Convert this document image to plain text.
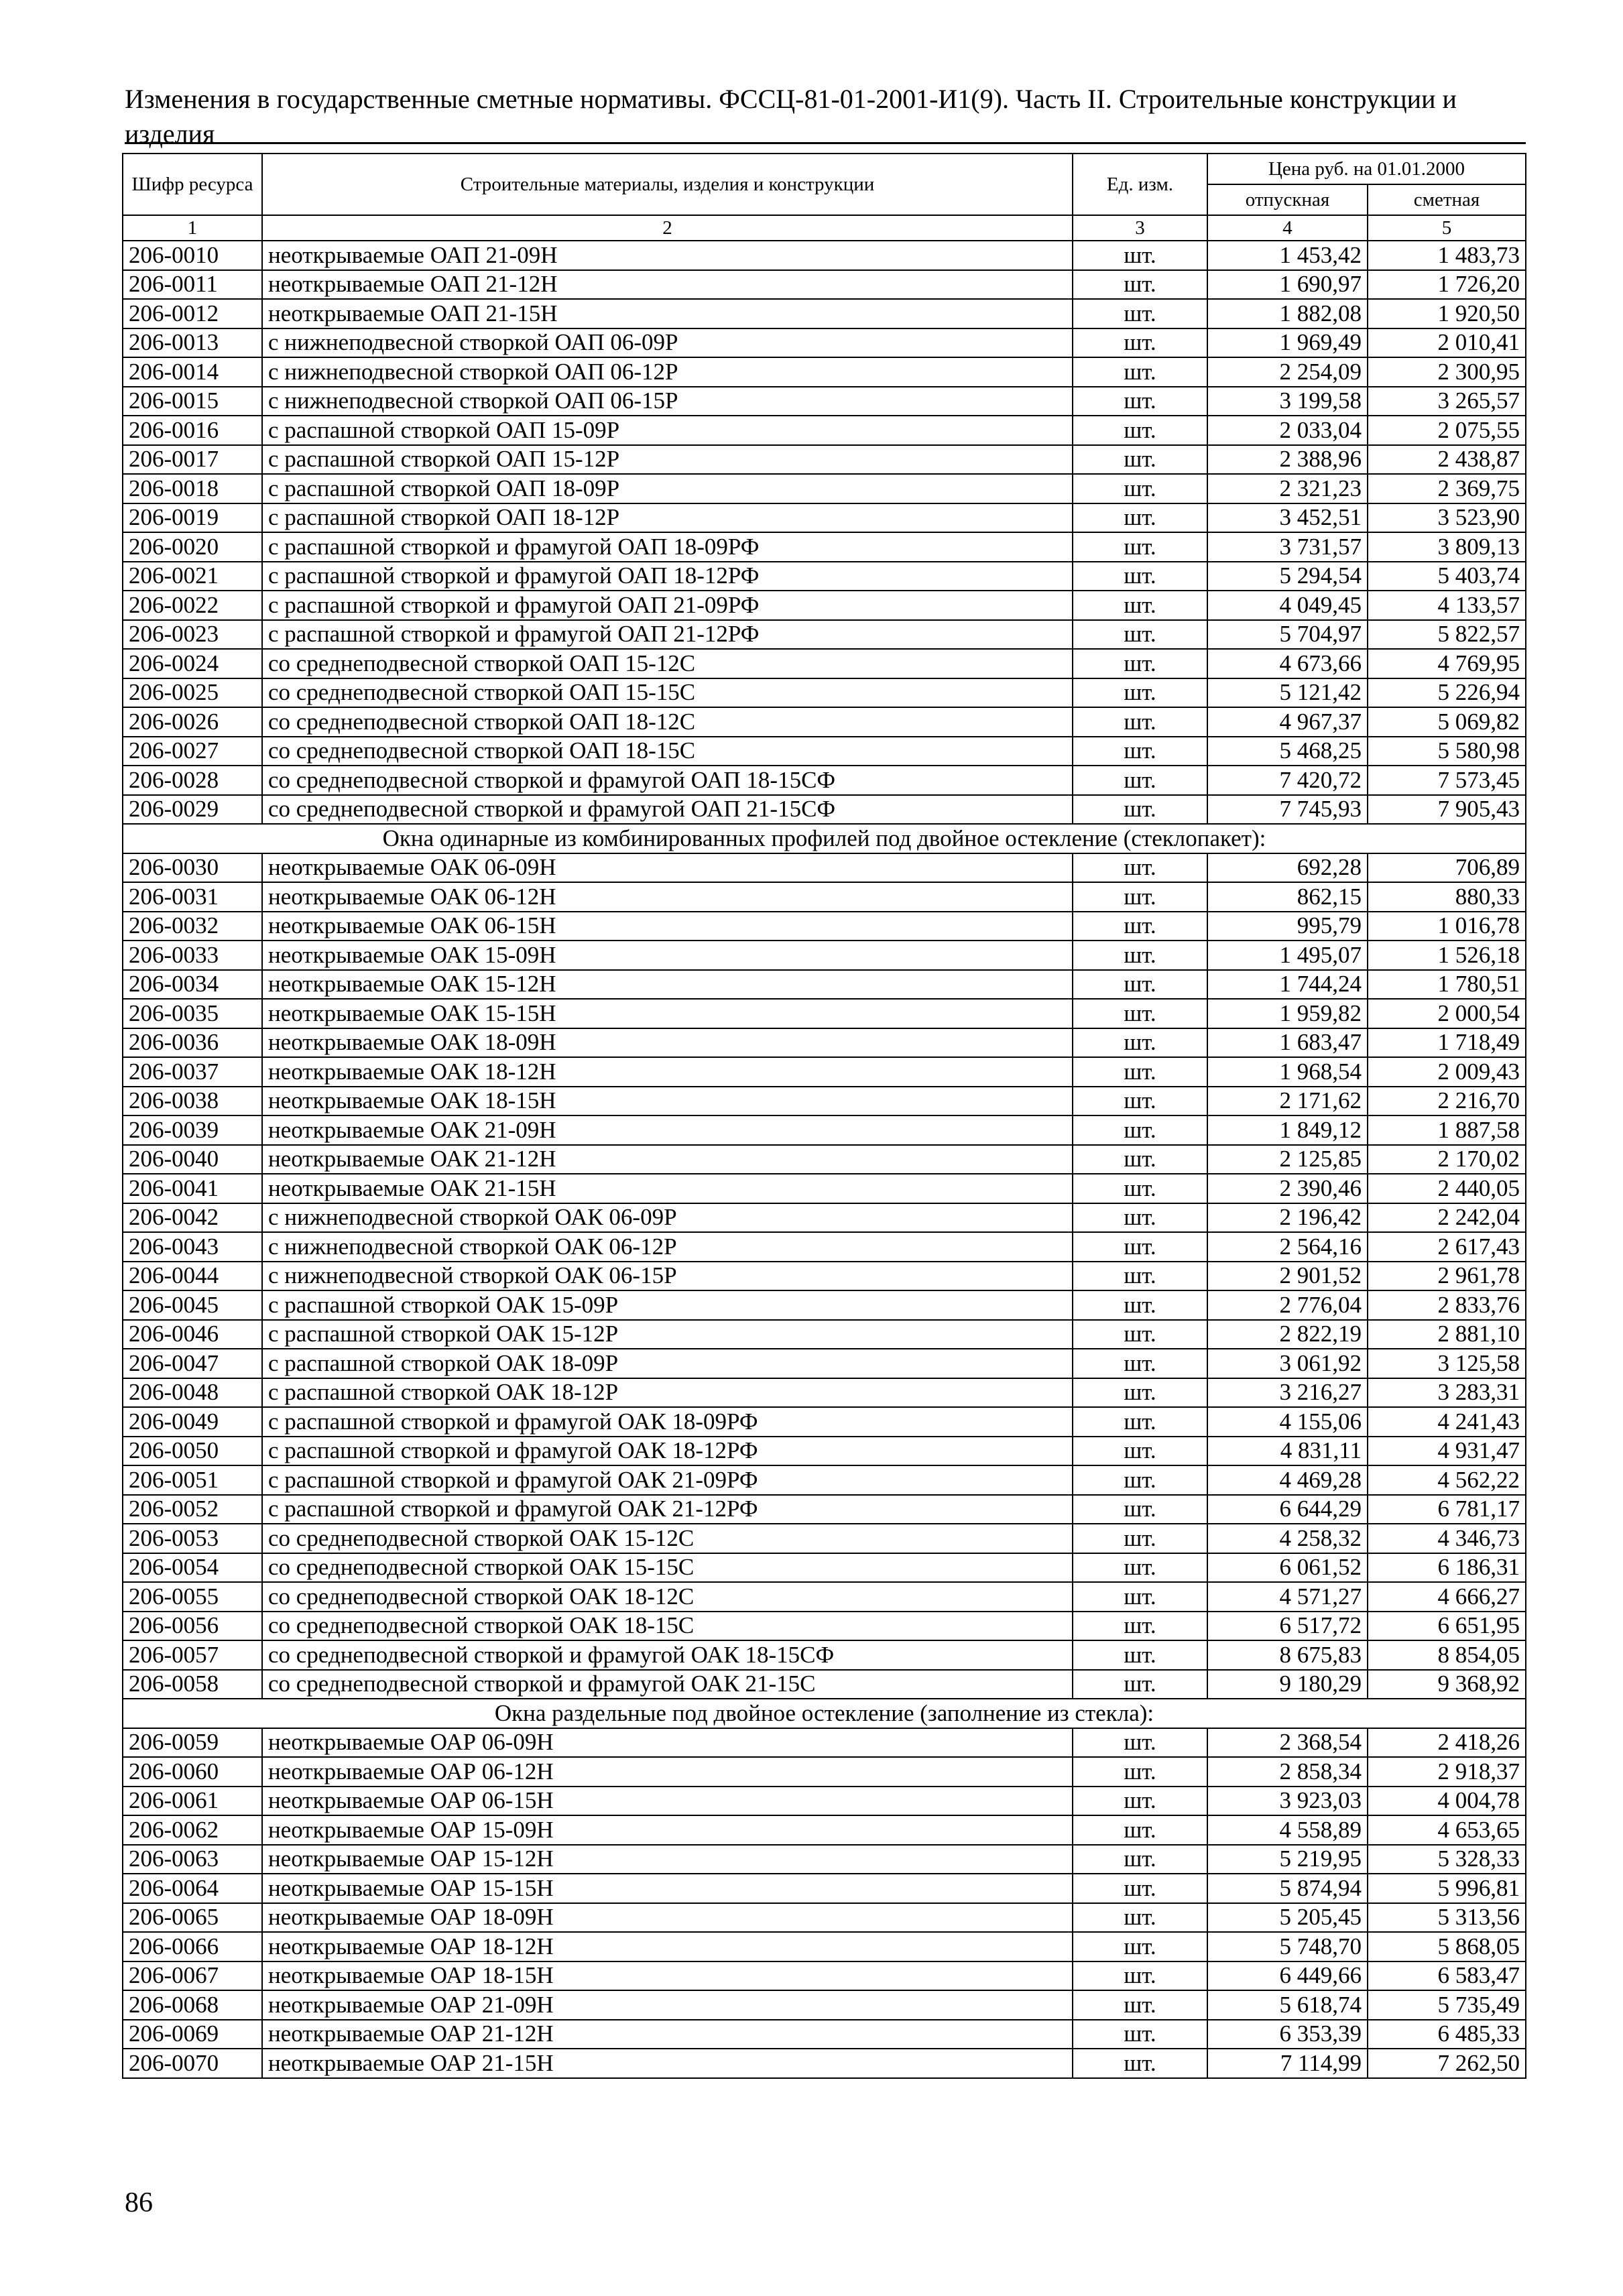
Изменения в государственные сметные нормативы. ФССЦ-81-01-2001-И1(9). Часть II. Строительные конструкции и изделия
Шифр ресурса	Строительные материалы, изделия и конструкции	Ед. изм.	Цена руб. на 01.01.2000	
			отпускная	сметная
1	2	3	4	5
206-0010	неоткрываемые ОАП 21-09Н	шт.	1 453,42	1 483,73
206-0011	неоткрываемые ОАП 21-12Н	шт.	1 690,97	1 726,20
206-0012	неоткрываемые ОАП 21-15Н	шт.	1 882,08	1 920,50
206-0013	с нижнеподвесной створкой ОАП 06-09Р	шт.	1 969,49	2 010,41
206-0014	с нижнеподвесной створкой ОАП 06-12Р	шт.	2 254,09	2 300,95
206-0015	с нижнеподвесной створкой ОАП 06-15Р	шт.	3 199,58	3 265,57
206-0016	с распашной створкой ОАП 15-09Р	шт.	2 033,04	2 075,55
206-0017	с распашной створкой ОАП 15-12Р	шт.	2 388,96	2 438,87
206-0018	с распашной створкой ОАП 18-09Р	шт.	2 321,23	2 369,75
206-0019	с распашной створкой ОАП 18-12Р	шт.	3 452,51	3 523,90
206-0020	с распашной створкой и фрамугой ОАП 18-09РФ	шт.	3 731,57	3 809,13
206-0021	с распашной створкой и фрамугой ОАП 18-12РФ	шт.	5 294,54	5 403,74
206-0022	с распашной створкой и фрамугой ОАП 21-09РФ	шт.	4 049,45	4 133,57
206-0023	с распашной створкой и фрамугой ОАП 21-12РФ	шт.	5 704,97	5 822,57
206-0024	со среднеподвесной створкой ОАП 15-12С	шт.	4 673,66	4 769,95
206-0025	со среднеподвесной створкой ОАП 15-15С	шт.	5 121,42	5 226,94
206-0026	со среднеподвесной створкой ОАП 18-12С	шт.	4 967,37	5 069,82
206-0027	со среднеподвесной створкой ОАП 18-15С	шт.	5 468,25	5 580,98
206-0028	со среднеподвесной створкой и фрамугой ОАП 18-15СФ	шт.	7 420,72	7 573,45
206-0029	со среднеподвесной створкой и фрамугой ОАП 21-15СФ	шт.	7 745,93	7 905,43
Окна одинарные из комбинированных профилей под двойное остекление (стеклопакет):				
206-0030	неоткрываемые ОАК 06-09Н	шт.	692,28	706,89
206-0031	неоткрываемые ОАК 06-12Н	шт.	862,15	880,33
206-0032	неоткрываемые ОАК 06-15Н	шт.	995,79	1 016,78
206-0033	неоткрываемые ОАК 15-09Н	шт.	1 495,07	1 526,18
206-0034	неоткрываемые ОАК 15-12Н	шт.	1 744,24	1 780,51
206-0035	неоткрываемые ОАК 15-15Н	шт.	1 959,82	2 000,54
206-0036	неоткрываемые ОАК 18-09Н	шт.	1 683,47	1 718,49
206-0037	неоткрываемые ОАК 18-12Н	шт.	1 968,54	2 009,43
206-0038	неоткрываемые ОАК 18-15Н	шт.	2 171,62	2 216,70
206-0039	неоткрываемые ОАК 21-09Н	шт.	1 849,12	1 887,58
206-0040	неоткрываемые ОАК 21-12Н	шт.	2 125,85	2 170,02
206-0041	неоткрываемые ОАК 21-15Н	шт.	2 390,46	2 440,05
206-0042	с нижнеподвесной створкой ОАК 06-09Р	шт.	2 196,42	2 242,04
206-0043	с нижнеподвесной створкой ОАК 06-12Р	шт.	2 564,16	2 617,43
206-0044	с нижнеподвесной створкой ОАК 06-15Р	шт.	2 901,52	2 961,78
206-0045	с распашной створкой ОАК 15-09Р	шт.	2 776,04	2 833,76
206-0046	с распашной створкой ОАК 15-12Р	шт.	2 822,19	2 881,10
206-0047	с распашной створкой ОАК 18-09Р	шт.	3 061,92	3 125,58
206-0048	с распашной створкой ОАК 18-12Р	шт.	3 216,27	3 283,31
206-0049	с распашной створкой и фрамугой ОАК 18-09РФ	шт.	4 155,06	4 241,43
206-0050	с распашной створкой и фрамугой ОАК 18-12РФ	шт.	4 831,11	4 931,47
206-0051	с распашной створкой и фрамугой ОАК 21-09РФ	шт.	4 469,28	4 562,22
206-0052	с распашной створкой и фрамугой ОАК 21-12РФ	шт.	6 644,29	6 781,17
206-0053	со среднеподвесной створкой ОАК 15-12С	шт.	4 258,32	4 346,73
206-0054	со среднеподвесной створкой ОАК 15-15С	шт.	6 061,52	6 186,31
206-0055	со среднеподвесной створкой ОАК 18-12С	шт.	4 571,27	4 666,27
206-0056	со среднеподвесной створкой ОАК 18-15С	шт.	6 517,72	6 651,95
206-0057	со среднеподвесной створкой и фрамугой ОАК 18-15СФ	шт.	8 675,83	8 854,05
206-0058	со среднеподвесной створкой и фрамугой ОАК 21-15С	шт.	9 180,29	9 368,92
Окна раздельные под двойное остекление (заполнение из стекла):				
206-0059	неоткрываемые ОАР 06-09Н	шт.	2 368,54	2 418,26
206-0060	неоткрываемые ОАР 06-12Н	шт.	2 858,34	2 918,37
206-0061	неоткрываемые ОАР 06-15Н	шт.	3 923,03	4 004,78
206-0062	неоткрываемые ОАР 15-09Н	шт.	4 558,89	4 653,65
206-0063	неоткрываемые ОАР 15-12Н	шт.	5 219,95	5 328,33
206-0064	неоткрываемые ОАР 15-15Н	шт.	5 874,94	5 996,81
206-0065	неоткрываемые ОАР 18-09Н	шт.	5 205,45	5 313,56
206-0066	неоткрываемые ОАР 18-12Н	шт.	5 748,70	5 868,05
206-0067	неоткрываемые ОАР 18-15Н	шт.	6 449,66	6 583,47
206-0068	неоткрываемые ОАР 21-09Н	шт.	5 618,74	5 735,49
206-0069	неоткрываемые ОАР 21-12Н	шт.	6 353,39	6 485,33
206-0070	неоткрываемые ОАР 21-15Н	шт.	7 114,99	7 262,50
86
